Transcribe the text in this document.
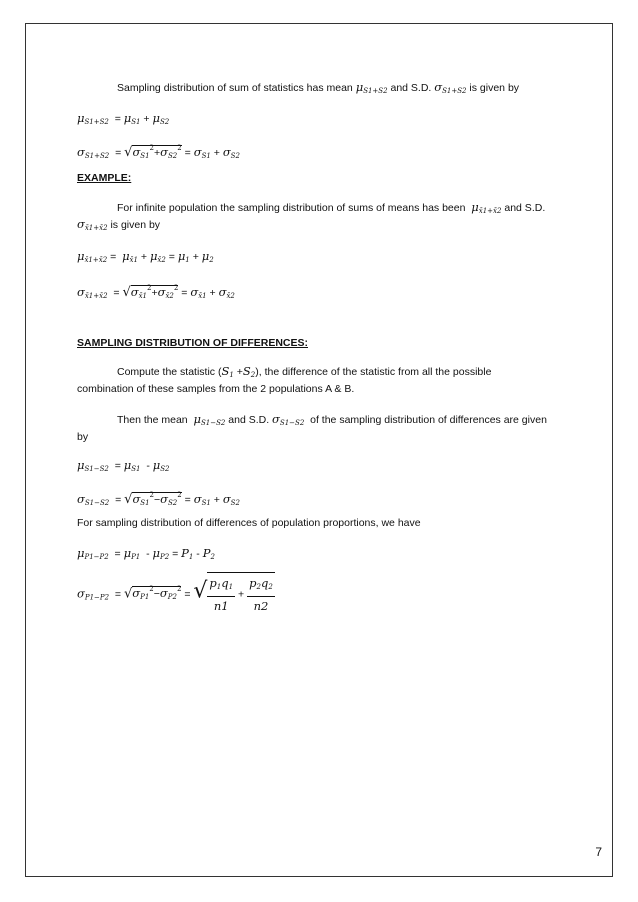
Sampling distribution of sum of statistics has mean μS1+S2 and S.D. σS1+S2 is given by
μS1+S2 = μS1 + μS2
$\sigma S1+S2 = √\sigma S1^2+\sigma S2^2 = \sigma S1 + \sigma S2$
EXAMPLE:
For infinite population the sampling distribution of sums of means has been μx̄1+x̄2 and S.D.
σx̄1+x̄2 is given by
μx̄1+x̄2 = μx̄1 + μx̄2 = μ1 + μ2
σx̄1+x̄2 = $√\sigma x̄1^2+\sigma x̄2^2$ = σx̄1 + σx̄2
SAMPLING DISTRIBUTION OF DIFFERENCES:
Compute the statistic (S1 +S2), the difference of the statistic from all the possible
combination of these samples from the 2 populations A & B.
Then the mean μS1−S2 and S.D. σS1−S2 of the sampling distribution of differences are given
by
μS1−S2 = μS1 - μS2
$\sigma S1-S2 = √\sigma S1^2-\sigma S2^2 = \sigma S1 + \sigma S2$
For sampling distribution of differences of population proportions, we have
μP1−P2 = μP1 - μP2 = P1 - P2
$\sigma P1-P2 = √\sigma P1^2-\sigma P2^2$ = √ $\frac{p1q1}{n1} + \frac{p2q2}{n2}$
7
